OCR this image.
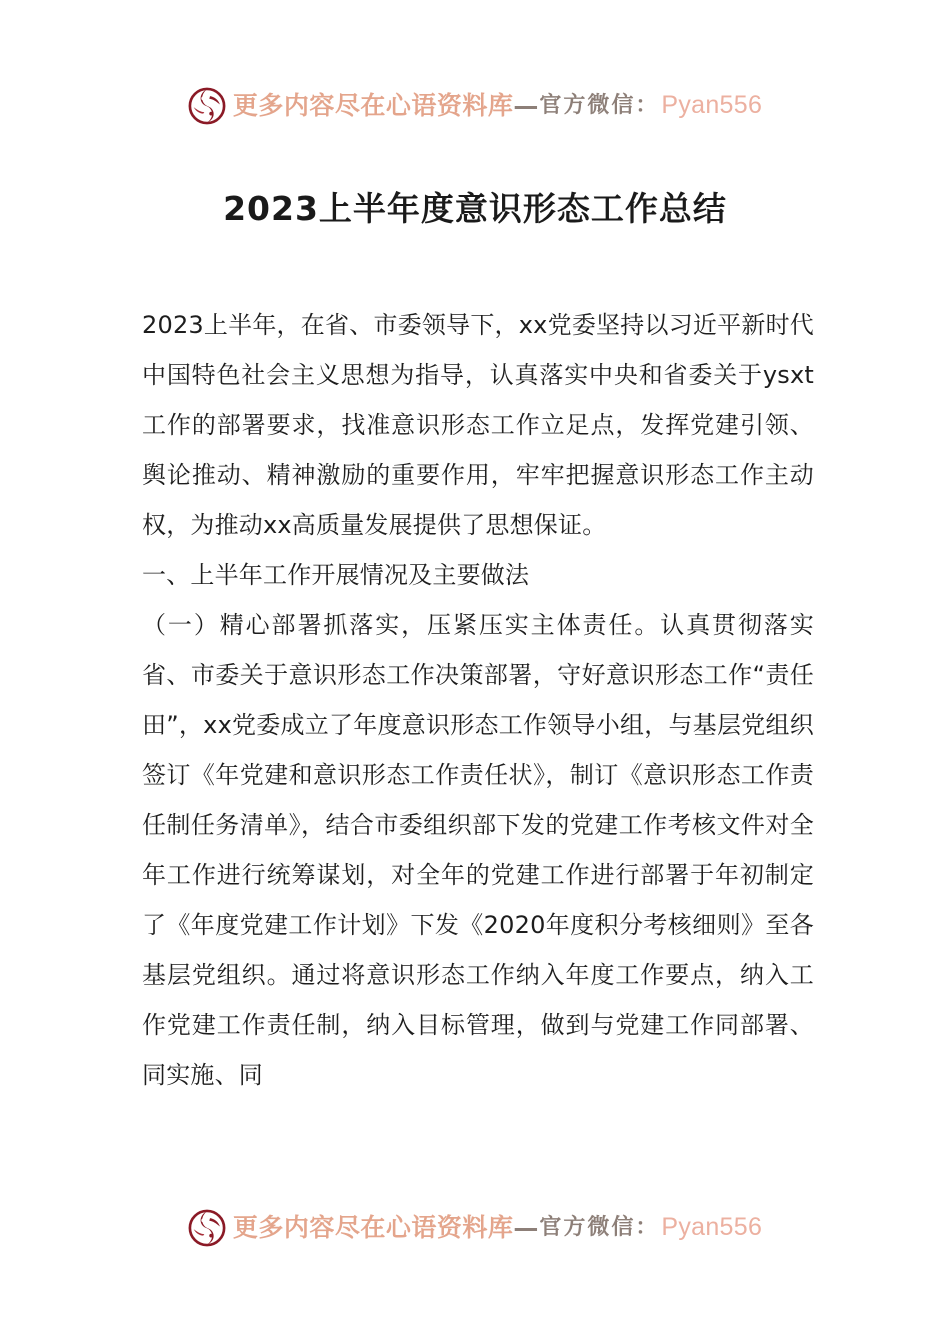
更多内容尽在心语资料库 — 官方微信： Pyan556
2023上半年度意识形态工作总结

2023上半年，在省、市委领导下，xx党委坚持以习近平新时代中国特色社会主义思想为指导，认真落实中央和省委关于ysxt工作的部署要求，找准意识形态工作立足点，发挥党建引领、舆论推动、精神激励的重要作用，牢牢把握意识形态工作主动权，为推动xx高质量发展提供了思想保证。

一、上半年工作开展情况及主要做法

（一）精心部署抓落实，压紧压实主体责任。认真贯彻落实省、市委关于意识形态工作决策部署，守好意识形态工作“责任田”，xx党委成立了年度意识形态工作领导小组，与基层党组织签订《年党建和意识形态工作责任状》，制订《意识形态工作责任制任务清单》，结合市委组织部下发的党建工作考核文件对全年工作进行统筹谋划，对全年的党建工作进行部署于年初制定了《年度党建工作计划》下发《2020年度积分考核细则》至各基层党组织。通过将意识形态工作纳入年度工作要点，纳入工作党建工作责任制，纳入目标管理，做到与党建工作同部署、同实施、同

更多内容尽在心语资料库 — 官方微信： Pyan556
